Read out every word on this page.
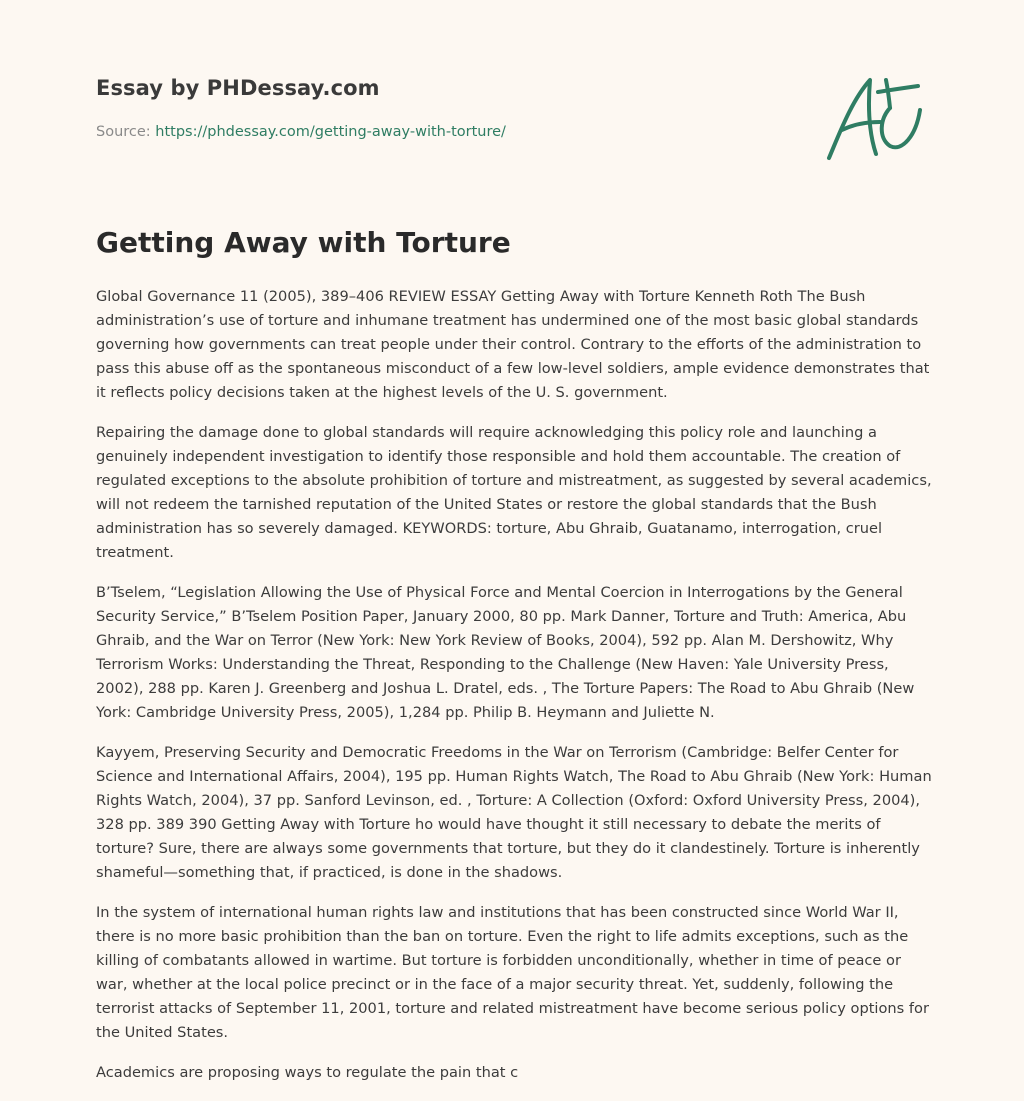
Essay by PHDessay.com
Source: https://phdessay.com/getting-away-with-torture/
Getting Away with Torture

Global Governance 11 (2005), 389–406 REVIEW ESSAY Getting Away with Torture Kenneth Roth The Bush administration’s use of torture and inhumane treatment has undermined one of the most basic global standards governing how governments can treat people under their control. Contrary to the efforts of the administration to pass this abuse off as the spontaneous misconduct of a few low-level soldiers, ample evidence demonstrates that it reflects policy decisions taken at the highest levels of the U. S. government.

Repairing the damage done to global standards will require acknowledging this policy role and launching a genuinely independent investigation to identify those responsible and hold them accountable. The creation of regulated exceptions to the absolute prohibition of torture and mistreatment, as suggested by several academics, will not redeem the tarnished reputation of the United States or restore the global standards that the Bush administration has so severely damaged. KEYWORDS: torture, Abu Ghraib, Guatanamo, interrogation, cruel treatment.

B’Tselem, “Legislation Allowing the Use of Physical Force and Mental Coercion in Interrogations by the General Security Service,” B’Tselem Position Paper, January 2000, 80 pp. Mark Danner, Torture and Truth: America, Abu Ghraib, and the War on Terror (New York: New York Review of Books, 2004), 592 pp. Alan M. Dershowitz, Why Terrorism Works: Understanding the Threat, Responding to the Challenge (New Haven: Yale University Press, 2002), 288 pp. Karen J. Greenberg and Joshua L. Dratel, eds. , The Torture Papers: The Road to Abu Ghraib (New York: Cambridge University Press, 2005), 1,284 pp. Philip B. Heymann and Juliette N.

Kayyem, Preserving Security and Democratic Freedoms in the War on Terrorism (Cambridge: Belfer Center for Science and International Affairs, 2004), 195 pp. Human Rights Watch, The Road to Abu Ghraib (New York: Human Rights Watch, 2004), 37 pp. Sanford Levinson, ed. , Torture: A Collection (Oxford: Oxford University Press, 2004), 328 pp. 389 390 Getting Away with Torture ho would have thought it still necessary to debate the merits of torture? Sure, there are always some governments that torture, but they do it clandestinely. Torture is inherently shameful—something that, if practiced, is done in the shadows.

In the system of international human rights law and institutions that has been constructed since World War II, there is no more basic prohibition than the ban on torture. Even the right to life admits exceptions, such as the killing of combatants allowed in wartime. But torture is forbidden unconditionally, whether in time of peace or war, whether at the local police precinct or in the face of a major security threat. Yet, suddenly, following the terrorist attacks of September 11, 2001, torture and related mistreatment have become serious policy options for the United States.

Academics are proposing ways to regulate the pain that c
